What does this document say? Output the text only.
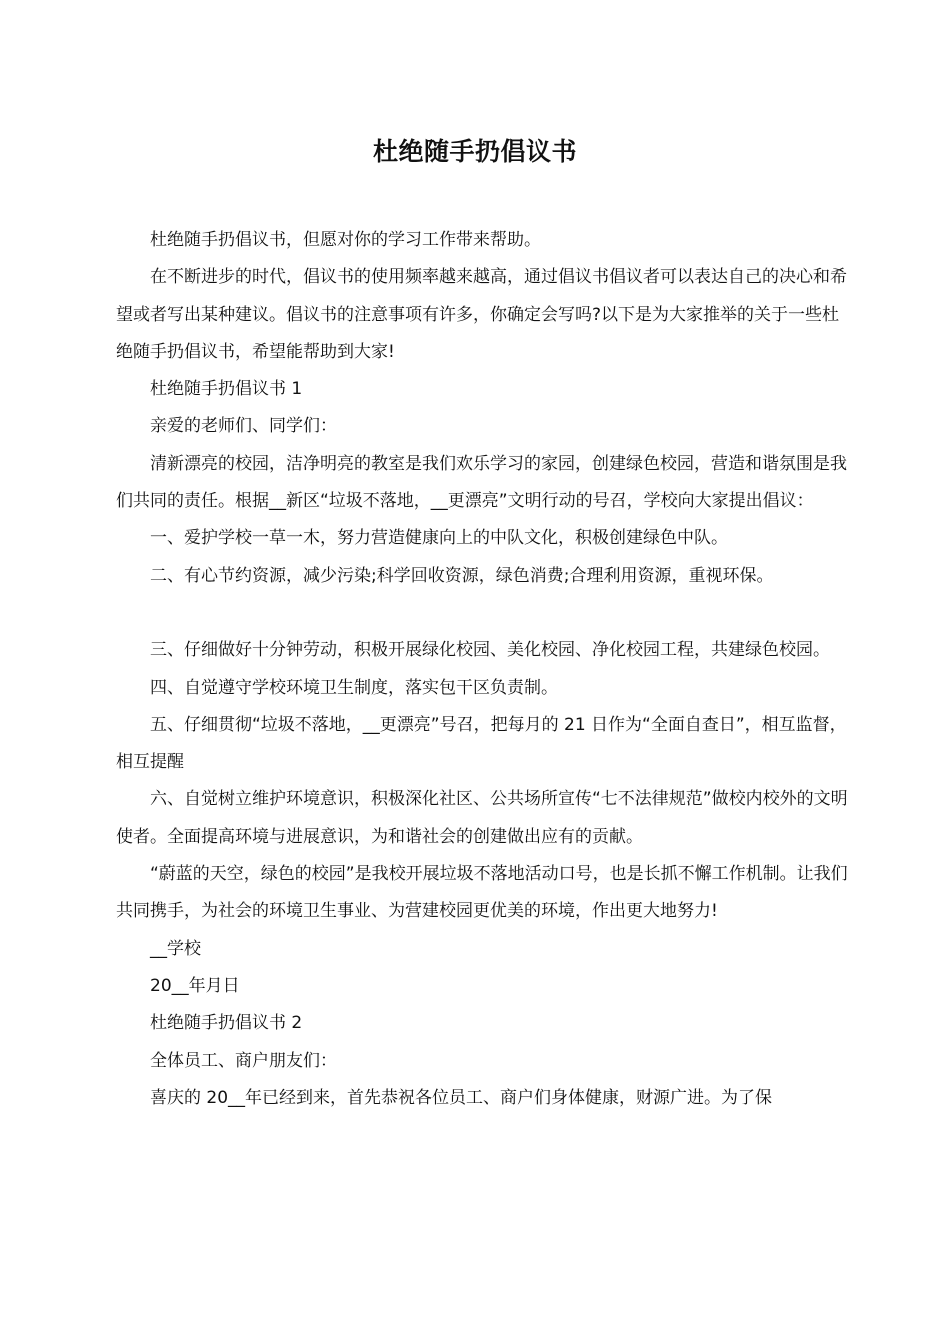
杜绝随手扔倡议书

杜绝随手扔倡议书，但愿对你的学习工作带来帮助。

在不断进步的时代，倡议书的使用频率越来越高，通过倡议书倡议者可以表达自己的决心和希望或者写出某种建议。倡议书的注意事项有许多，你确定会写吗?以下是为大家推举的关于一些杜绝随手扔倡议书，希望能帮助到大家!

杜绝随手扔倡议书 1

亲爱的老师们、同学们：

清新漂亮的校园，洁净明亮的教室是我们欢乐学习的家园，创建绿色校园，营造和谐氛围是我们共同的责任。根据__新区“垃圾不落地，__更漂亮”文明行动的号召，学校向大家提出倡议：

一、爱护学校一草一木，努力营造健康向上的中队文化，积极创建绿色中队。

二、有心节约资源，减少污染;科学回收资源，绿色消费;合理利用资源，重视环保。

三、仔细做好十分钟劳动，积极开展绿化校园、美化校园、净化校园工程，共建绿色校园。

四、自觉遵守学校环境卫生制度，落实包干区负责制。

五、仔细贯彻“垃圾不落地，__更漂亮”号召，把每月的 21 日作为“全面自查日”，相互监督，相互提醒

六、自觉树立维护环境意识，积极深化社区、公共场所宣传“七不法律规范”做校内校外的文明使者。全面提高环境与进展意识，为和谐社会的创建做出应有的贡献。

“蔚蓝的天空，绿色的校园”是我校开展垃圾不落地活动口号，也是长抓不懈工作机制。让我们共同携手，为社会的环境卫生事业、为营建校园更优美的环境，作出更大地努力!

__学校

20__年月日

杜绝随手扔倡议书 2

全体员工、商户朋友们：

喜庆的 20__年已经到来，首先恭祝各位员工、商户们身体健康，财源广进。为了保
